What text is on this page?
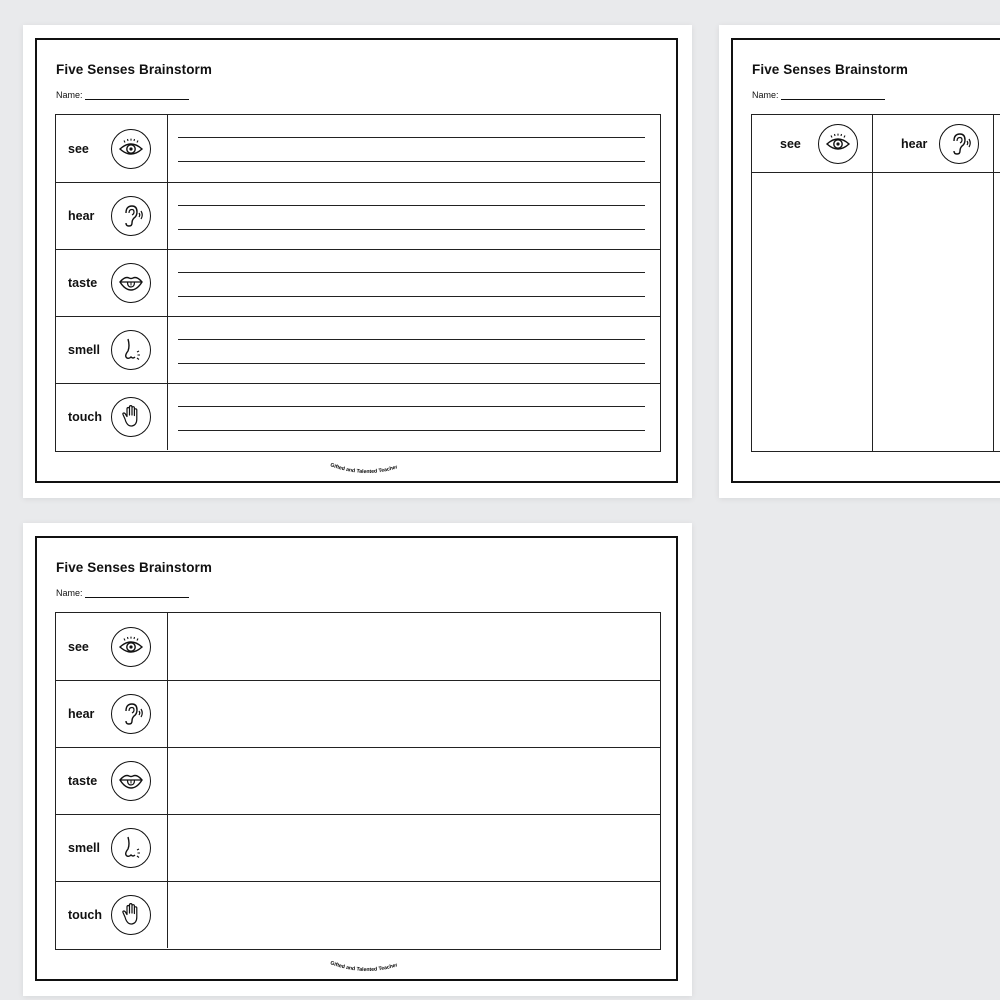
Five Senses Brainstorm
Name:
see
hear
taste
smell
touch
Gifted and Talented Teacher
Five Senses Brainstorm
Name:
see	hear
Five Senses Brainstorm
Name:
see
hear
taste
smell
touch
Gifted and Talented Teacher
